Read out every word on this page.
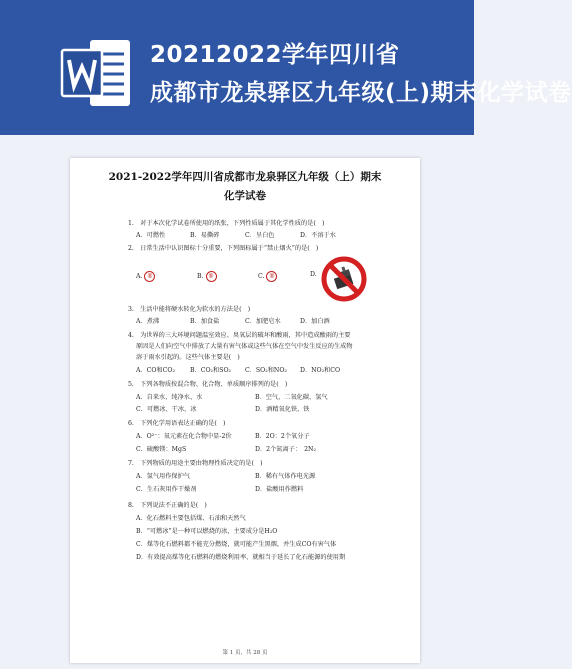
20212022学年四川省
成都市龙泉驿区九年级(上)期末化学试卷
2021-2022学年四川省成都市龙泉驿区九年级（上）期末
化学试卷
1.　对于本次化学试卷所使用的纸张，下列性质属于其化学性质的是(　)
A．可燃性	B．易撕碎	C．呈白色	D．不溶于水
2.　日常生活中认识图标十分重要，下列图标属于“禁止烟火”的是(　)
A. ®	B. ®	C. ®	D.
3.　生活中能将硬水转化为软水的方法是(　)
A．煮沸	B．加食盐	C．加肥皂水	D．加白酒
4.　为世界的三大环境问题温室效应、臭氧层的破坏和酸雨，其中造成酸雨的主要
原因是人们向空气中排放了大量有害气体或这些气体在空气中发生反应的生成物
溶于雨水引起的。这些气体主要是(　)
A．CO和CO₂ B．CO₂和SO₂ C．SO₂和NO₂ D．NO₂和CO
5.　下列各物质按混合物、化合物、单质顺序排列的是(　)
A．自来水、纯净水、水	B．空气、二氧化碳、氢气
C．可燃冰、干冰、冰	D．酒精氧化铁、铁
6.　下列化学用语表达正确的是(　)
A．O²⁻：氧元素在化合物中显-2价	B．2O：2个氧分子
C．硫酸镁：MgS	D．2个氮离子：　2N₂
7.　下列物质的用途主要由物理性质决定的是(　)
A．氢气用作保护气	B．稀有气体作电光源
C．生石灰用作干燥剂	D．盐酸用作燃料
8.　下列说法不正确的是(　)
A．化石燃料主要包括煤、石油和天然气
B．“可燃冰”是一种可以燃烧的冰，主要成分是H₂O
C．煤等化石燃料都不能充分燃烧，就可能产生黑烟，并生成CO有害气体
D．有效提高煤等化石燃料的燃烧利用率，就相当于延长了化石能源的使用期
第 1 页，共 28 页
